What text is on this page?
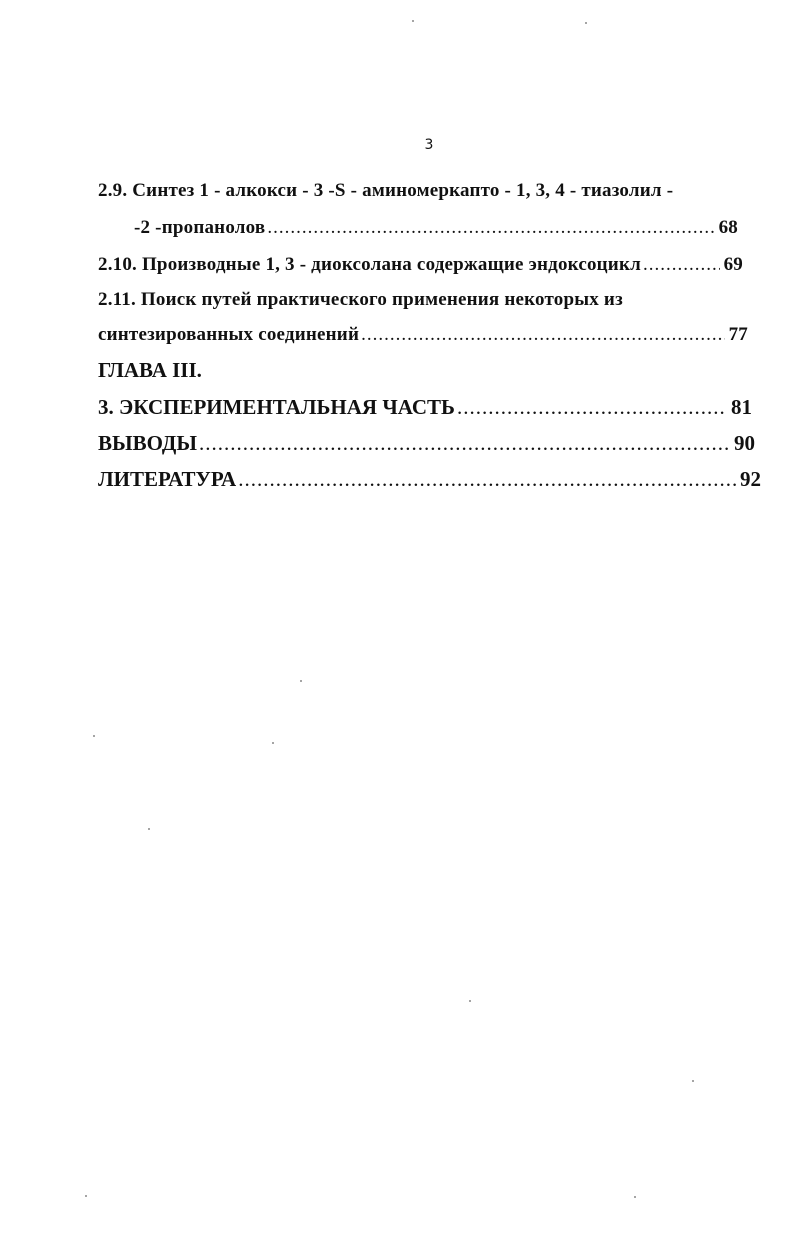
3
2.9. Синтез 1 - алкокси - 3 -S - аминомеркапто - 1, 3, 4 - тиазолил -
-2 -пропанолов .....	68
2.10. Производные 1, 3 - диоксолана содержащие эндоксоцикл .....	69
2.11. Поиск путей практического применения некоторых из
синтезированных соединений .....	77
ГЛАВА III.
3. ЭКСПЕРИМЕНТАЛЬНАЯ ЧАСТЬ .....	81
ВЫВОДЫ .....	90
ЛИТЕРАТУРА .....	92
